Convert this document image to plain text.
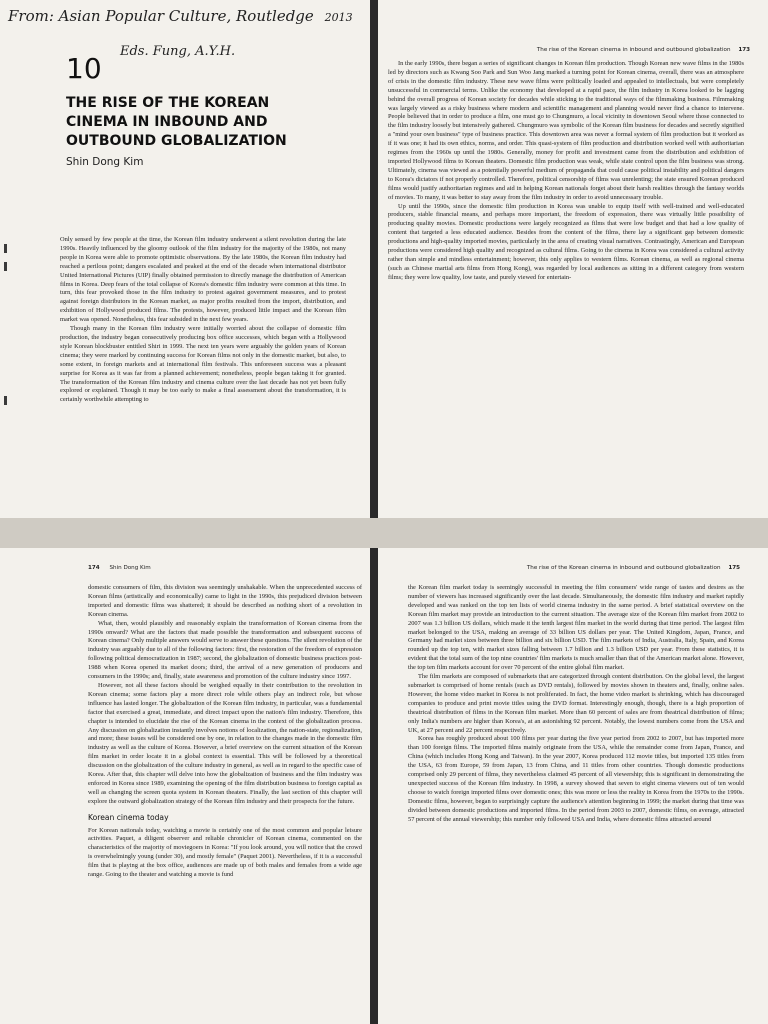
From: Asian Popular Culture, Routledge 2013
Eds. Fung, A.Y.H.
10
THE RISE OF THE KOREAN CINEMA IN INBOUND AND OUTBOUND GLOBALIZATION
Shin Dong Kim

Only sensed by few people at the time, the Korean film industry underwent a silent revolution during the late 1990s. Heavily influenced by the gloomy outlook of the film industry for the majority of the 1980s, not many people in Korea were able to promote optimistic observations. By the late 1980s, the Korean film industry had reached a perilous point; dangers escalated and peaked at the end of the decade when international distributor United International Pictures (UIP) finally obtained permission to directly manage the distribution of American films in Korea. Deep fears of the total collapse of Korea's domestic film industry were common at this time. In turn, this fear provoked those in the film industry to protest against government measures, and to protest against foreign distributors in the Korean market, as major profits resulted from the import, distribution, and exhibition of Hollywood produced films. The protests, however, produced little impact and the Korean film market was opened. Nonetheless, this fear subsided in the next few years.

Though many in the Korean film industry were initially worried about the collapse of domestic film production, the industry began consecutively producing box office successes, which began with a Hollywood style Korean blockbuster entitled Shiri in 1999. The next ten years were arguably the golden years of Korean cinema; they were marked by continuing success for Korean films not only in the domestic market, but also, to some extent, in foreign markets and at international film festivals. This unforeseen success was a pleasant surprise for Korea as it was far from a planned achievement; nonetheless, people began taking it for granted. The transformation of the Korean film industry and cinema culture over the last decade has not yet been fully explored or explained. Though it may be too early to make a final assessment about the transformation, it is certainly worthwhile attempting to

The rise of the Korean cinema in inbound and outbound globalization 173

In the early 1990s, there began a series of significant changes in Korean film production. Though Korean new wave films in the 1980s led by directors such as Kwang Soo Park and Sun Woo Jang marked a turning point for Korean cinema, overall, there was an atmosphere of crisis in the domestic film industry. These new wave films were politically loaded and appealed to intellectuals, but were completely unsuccessful in commercial terms. Unlike the economy that developed at a rapid pace, the film industry in Korea looked to be lagging behind the overall progress of Korean society for decades while sticking to the traditional ways of the filmmaking business. Filmmaking was largely viewed as a risky business where modern and scientific management and planning would never find a chance to intervene. People believed that in order to produce a film, one must go to Chungmuro, a local vicinity in downtown Seoul where those connected to the film industry loosely but intensively gathered. Chungmuro was symbolic of the Korean film business for decades and secretly signified a "mind your own business" type of business practice. This downtown area was never a formal system of film production but it worked as if it was one; it had its own ethics, norms, and order. This quasi-system of film production and distribution worked well with authoritarian regimes from the 1960s up until the 1980s. Generally, money for profit and investment came from the distribution and exhibition of imported Hollywood films to Korean theaters. Domestic film production was weak, while state control upon the film business was strong. Ultimately, cinema was viewed as a potentially powerful medium of propaganda that could cause political instability and political dangers to Korea's dictators if not properly controlled. Therefore, political censorship of films was unrelenting; the state ensured Korean produced films would justify authoritarian regimes and aid in helping Korean nationals forget about their harsh realities through the fantasy worlds of movies. To many, it was better to stay away from the film industry in order to avoid unnecessary trouble.

Up until the 1990s, since the domestic film production in Korea was unable to equip itself with well-trained and well-educated producers, stable financial means, and perhaps more important, the freedom of expression, there was virtually little possibility of producing quality movies. Domestic productions were largely recognized as films that were low budget and that had a low quality of content that targeted a less educated audience. Besides from the content of the films, there lay a significant gap between domestic productions and high-quality imported movies, particularly in the area of creating visual narratives. Contrastingly, American and European productions were considered high quality and recognized as cultural films. Going to the cinema in Korea was considered a cultural activity rather than simple and mindless entertainment; however, this only applies to western films. Korean cinema, as well as regional cinema (such as Chinese martial arts films from Hong Kong), was regarded by local audiences as sitting in a different category from western films; they were low quality, low taste, and purely viewed for entertain-

174 Shin Dong Kim

domestic consumers of film, this division was seemingly unshakable. When the unprecedented success of Korean films (artistically and economically) came to light in the 1990s, this prejudiced division between imported and domestic films was shattered; it should be described as nothing short of a revolution in Korean cinema.

What, then, would plausibly and reasonably explain the transformation of Korean cinema from the 1990s onward? What are the factors that made possible the transformation and subsequent success of Korean cinema? Only multiple answers would serve to answer these questions. The silent revolution of the industry was arguably due to all of the following factors: first, the restoration of the freedom of expression following political democratization in 1987; second, the globalization of domestic business practices post-1988 when Korea opened its market doors; third, the arrival of a new generation of producers and consumers in the 1990s; and, finally, state awareness and promotion of the culture industry since 1997.

However, not all these factors should be weighed equally in their contribution to the revolution in Korean cinema; some factors play a more direct role while others play an indirect role, but whose influence has lasted longer. The globalization of the Korean film industry, in particular, was a fundamental factor that exercised a great, immediate, and direct impact upon the nation's film industry. Therefore, this chapter is intended to elucidate the rise of the Korean cinema in the context of the globalization process. Any discussion on globalization instantly involves notions of localization, the nation-state, regionalization, and more; these issues will be considered one by one, in relation to the changes made in the domestic film industry as well as the culture of Korea. However, a brief overview on the current situation of the Korean film market in order locate it in a global context is essential. This will be followed by a theoretical discussion on the globalization of the culture industry in general, as well as in regard to the specific case of Korea. After that, this chapter will delve into how the globalization of business and the film industry was enforced in Korea since 1989, examining the opening of the film distribution business to foreign capital as well as changing the screen quota system in Korean theaters. Finally, the last section of this chapter will explore the outward globalization strategy of the Korean film industry and their prospects for the future.

Korean cinema today

For Korean nationals today, watching a movie is certainly one of the most common and popular leisure activities. Paquet, a diligent observer and reliable chronicler of Korean cinema, commented on the characteristics of the majority of moviegoers in Korea: "If you look around, you will notice that the crowd is overwhelmingly young (under 30), and mostly female" (Paquet 2001). Nevertheless, if it is a successful film that is playing at the box office, audiences are made up of both males and females from a wide age range. Going to the theater and watching a movie is fund

The rise of the Korean cinema in inbound and outbound globalization 175

the Korean film market today is seemingly successful in meeting the film consumers' wide range of tastes and desires as the number of viewers has increased significantly over the last decade. Simultaneously, the domestic film industry and market rapidly developed and was ranked on the top ten lists of world cinema industry in the same period. A brief statistical overview on the Korean film market may provide an introduction to the current situation. The average size of the Korean film market from 2002 to 2007 was 1.3 billion US dollars, which made it the tenth largest film market in the world during that time period. The largest film market belonged to the USA, making an average of 33 billion US dollars per year. The United Kingdom, Japan, France, and Germany had market sizes between three billion and six billion USD. The film markets of India, Australia, Italy, Spain, and Korea rounded up the top ten, with market sizes falling between 1.7 billion and 1.3 billion USD per year. From these statistics, it is evident that the total sum of the top nine countries' film markets is much smaller than that of the American market alone. However, the top ten film markets account for over 70 percent of the entire global film market.

The film markets are composed of submarkets that are categorized through content distribution. On the global level, the largest submarket is comprised of home rentals (such as DVD rentals), followed by movies shown in theaters and, finally, online sales. However, the home video market in Korea is not proliferated. In fact, the home video market is shrinking, which has discouraged companies to produce and print movie titles using the DVD format. Interestingly enough, though, there is a high proportion of theatrical distribution of films in the Korean film market. More than 60 percent of sales are from theatrical distribution of films; only India's numbers are higher than Korea's, at an astonishing 92 percent. Notably, the lowest numbers come from the USA and UK, at 27 percent and 22 percent respectively.

Korea has roughly produced about 100 films per year during the five year period from 2002 to 2007, but has imported more than 100 foreign films. The imported films mainly originate from the USA, while the remainder come from Japan, France, and China (which includes Hong Kong and Taiwan). In the year 2007, Korea produced 112 movie titles, but imported 135 titles from the USA, 63 from Europe, 59 from Japan, 13 from China, and 11 titles from other countries. Though domestic productions comprised only 29 percent of films, they nevertheless claimed 45 percent of all viewership; this is significant in demonstrating the unexpected success of the Korean film industry. In 1998, a survey showed that seven to eight cinema viewers out of ten would choose to watch foreign imported films over domestic ones; this was more or less the reality in Korea from the 1970s to the 1990s. Domestic films, however, began to surprisingly capture the audience's attention beginning in 1999; the market during that time was divided between domestic productions and imported films. In the period from 2003 to 2007, domestic films, on average, attracted 57 percent of the annual viewership; this number only followed USA and India, where domestic films attracted around
